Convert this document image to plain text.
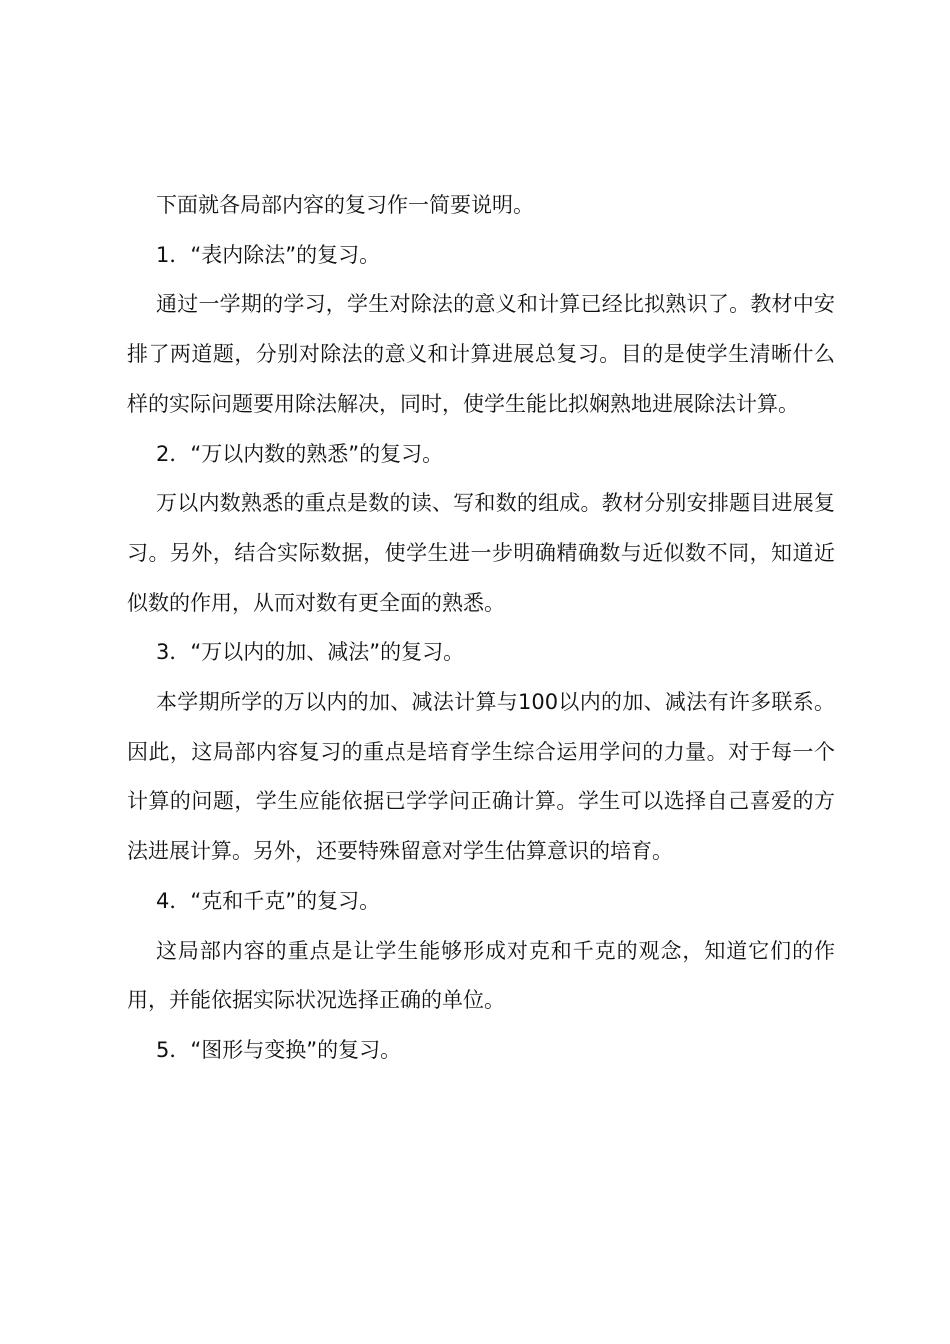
下面就各局部内容的复习作一简要说明。

1．“表内除法”的复习。

通过一学期的学习，学生对除法的意义和计算已经比拟熟识了。教材中安排了两道题，分别对除法的意义和计算进展总复习。目的是使学生清晰什么样的实际问题要用除法解决，同时，使学生能比拟娴熟地进展除法计算。

2．“万以内数的熟悉”的复习。

万以内数熟悉的重点是数的读、写和数的组成。教材分别安排题目进展复习。另外，结合实际数据，使学生进一步明确精确数与近似数不同，知道近似数的作用，从而对数有更全面的熟悉。

3．“万以内的加、减法”的复习。

本学期所学的万以内的加、减法计算与100以内的加、减法有许多联系。因此，这局部内容复习的重点是培育学生综合运用学问的力量。对于每一个计算的问题，学生应能依据已学学问正确计算。学生可以选择自己喜爱的方法进展计算。另外，还要特殊留意对学生估算意识的培育。

4．“克和千克”的复习。

这局部内容的重点是让学生能够形成对克和千克的观念，知道它们的作用，并能依据实际状况选择正确的单位。

5．“图形与变换”的复习。
